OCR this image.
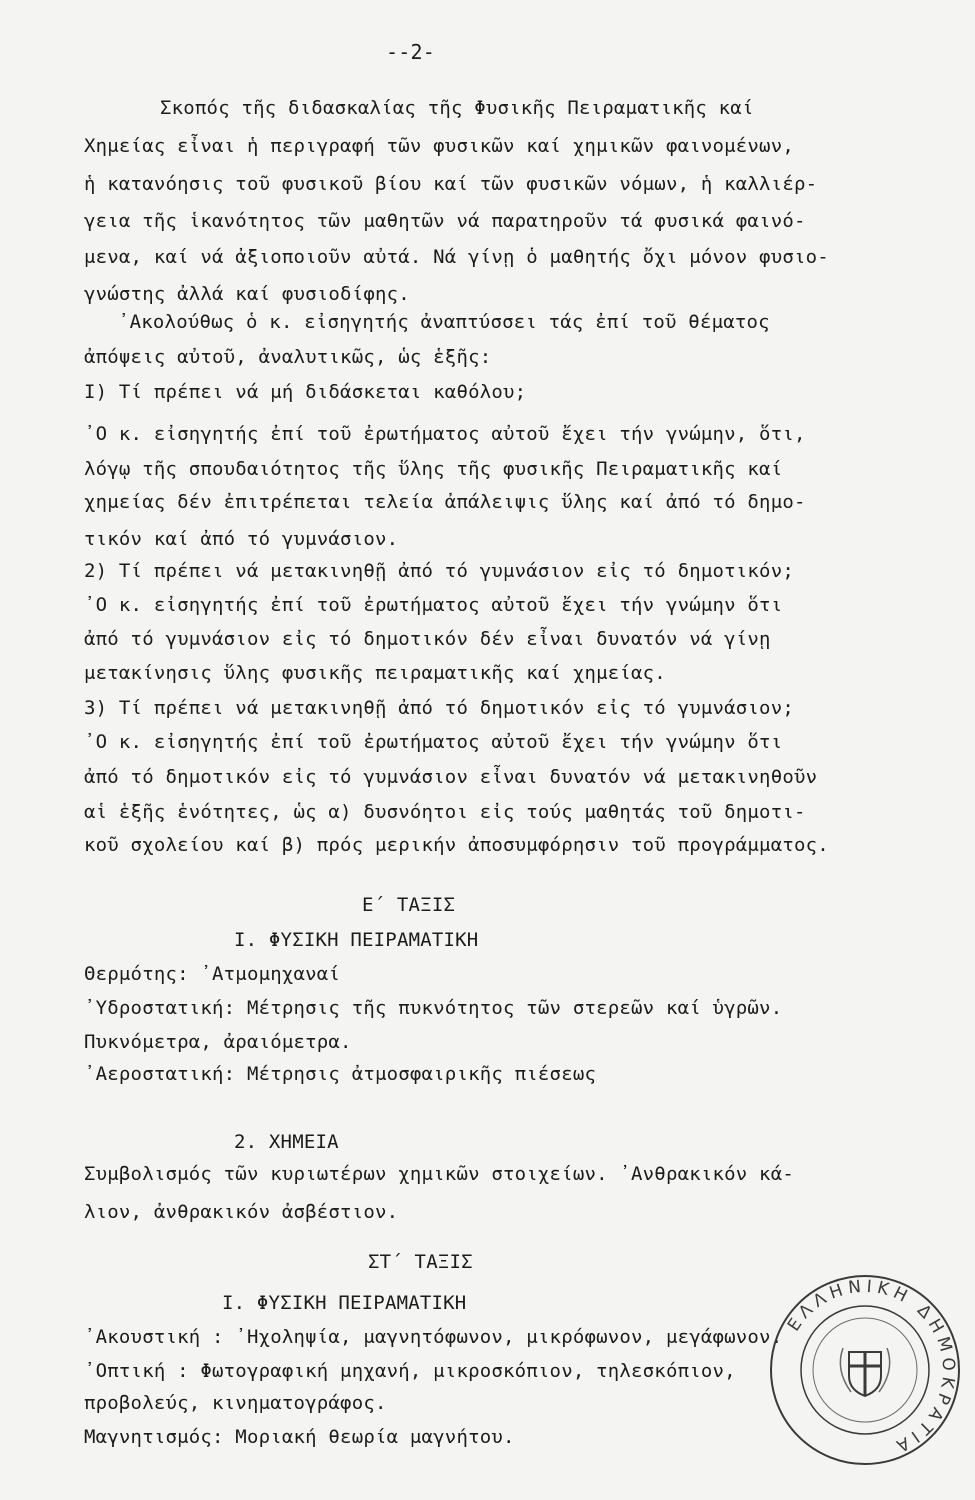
--2-
Σκοπός τῆς διδασκαλίας τῆς Φυσικῆς Πειραματικῆς καί
Χημείας εἶναι ἡ περιγραφή τῶν φυσικῶν καί χημικῶν φαινομένων,
ἡ κατανόησις τοῦ φυσικοῦ βίου καί τῶν φυσικῶν νόμων, ἡ καλλιέρ-
γεια τῆς ἱκανότητος τῶν μαθητῶν νά παρατηροῦν τά φυσικά φαινό-
μενα, καί νά ἀξιοποιοῦν αὐτά. Νά γίνῃ ὁ μαθητής ὄχι μόνον φυσιο-
γνώστης ἀλλά καί φυσιοδίφης.
᾿Ακολούθως ὁ κ. εἰσηγητής ἀναπτύσσει τάς ἐπί τοῦ θέματος
ἀπόψεις αὐτοῦ, ἀναλυτικῶς, ὡς ἑξῆς:
I) Τί πρέπει νά μή διδάσκεται καθόλου;
᾿Ο κ. εἰσηγητής ἐπί τοῦ ἐρωτήματος αὐτοῦ ἔχει τήν γνώμην, ὅτι,
λόγῳ τῆς σπουδαιότητος τῆς ὕλης τῆς φυσικῆς Πειραματικῆς καί
χημείας δέν ἐπιτρέπεται τελεία ἀπάλειψις ὕλης καί ἀπό τό δημο-
τικόν καί ἀπό τό γυμνάσιον.
2) Τί πρέπει νά μετακινηθῇ ἀπό τό γυμνάσιον εἰς τό δημοτικόν;
᾿Ο κ. εἰσηγητής ἐπί τοῦ ἐρωτήματος αὐτοῦ ἔχει τήν γνώμην ὅτι
ἀπό τό γυμνάσιον εἰς τό δημοτικόν δέν εἶναι δυνατόν νά γίνῃ
μετακίνησις ὕλης φυσικῆς πειραματικῆς καί χημείας.
3) Τί πρέπει νά μετακινηθῇ ἀπό τό δημοτικόν εἰς τό γυμνάσιον;
᾿Ο κ. εἰσηγητής ἐπί τοῦ ἐρωτήματος αὐτοῦ ἔχει τήν γνώμην ὅτι
ἀπό τό δημοτικόν εἰς τό γυμνάσιον εἶναι δυνατόν νά μετακινηθοῦν
αἱ ἑξῆς ἑνότητες, ὡς α) δυσνόητοι εἰς τούς μαθητάς τοῦ δημοτι-
κοῦ σχολείου καί β) πρός μερικήν ἀποσυμφόρησιν τοῦ προγράμματος.
Ε΄ ΤΑΞΙΣ
I. ΦΥΣΙΚΗ ΠΕΙΡΑΜΑΤΙΚΗ
Θερμότης: ᾿Ατμομηχαναί
᾿Υδροστατική: Μέτρησις τῆς πυκνότητος τῶν στερεῶν καί ὑγρῶν.
Πυκνόμετρα, ἀραιόμετρα.
᾿Αεροστατική: Μέτρησις ἀτμοσφαιρικῆς πιέσεως
2. ΧΗΜΕΙΑ
Συμβολισμός τῶν κυριωτέρων χημικῶν στοιχείων. ᾿Ανθρακικόν κά-
λιον, ἀνθρακικόν ἀσβέστιον.
ΣΤ΄ ΤΑΞΙΣ
I. ΦΥΣΙΚΗ ΠΕΙΡΑΜΑΤΙΚΗ
᾿Ακουστική : ᾿Ηχοληψία, μαγνητόφωνον, μικρόφωνον, μεγάφωνον.
᾿Οπτική : Φωτογραφική μηχανή, μικροσκόπιον, τηλεσκόπιον,
προβολεύς, κινηματογράφος.
Μαγνητισμός: Μοριακή θεωρία μαγνήτου.
ΕΛΛΗΝΙΚΗ ΔΗΜΟΚΡΑΤΙΑ
